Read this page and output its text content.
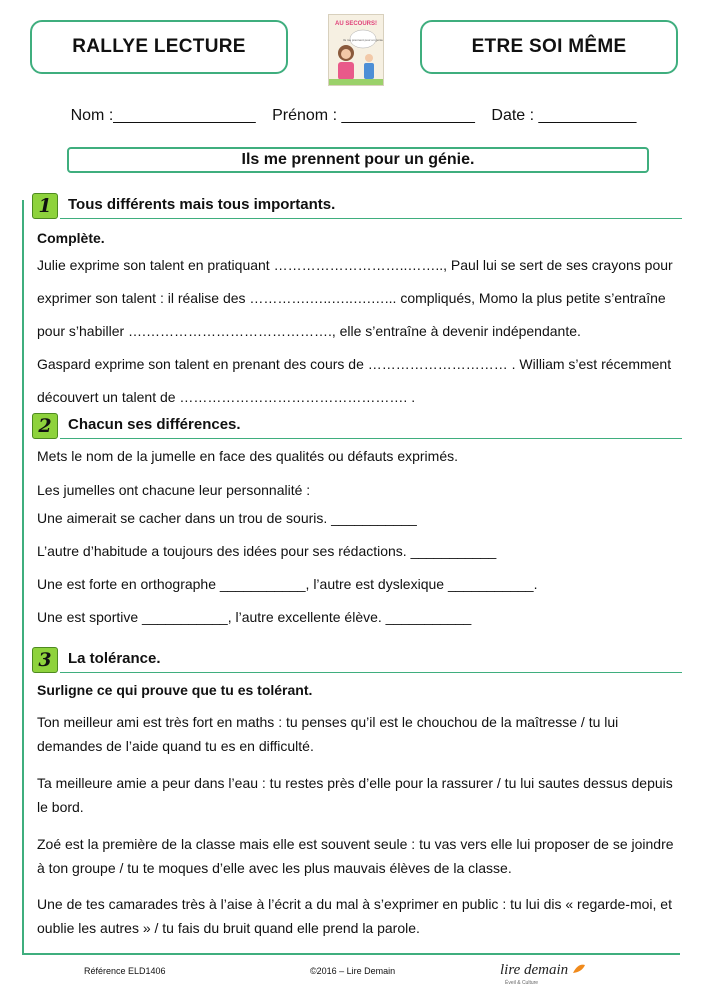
RALLYE LECTURE
AU SECOURS!
Ils me prennent pour un génie	ETRE SOI MÊME
Nom :________________ Prénom : _______________ Date : ___________
Ils me prennent pour un génie.
1	Tous différents mais tous importants.
Complète.
Julie exprime son talent en pratiquant ………………………..…….., Paul lui se sert de ses crayons pour
exprimer son talent : il réalise des ………….…..…..….…... compliqués, Momo la plus petite s’entraîne
pour s’habiller ….…………………………………., elle s’entraîne à devenir indépendante.
Gaspard exprime son talent en prenant des cours de ………………………… . William s’est récemment
découvert un talent de …………………………………………. .
2	Chacun ses différences.
Mets le nom de la jumelle en face des qualités ou défauts exprimés.
Les jumelles ont chacune leur personnalité :
Une aimerait se cacher dans un trou de souris. ___________
L’autre d’habitude a toujours des idées pour ses rédactions. ___________
Une est forte en orthographe ___________, l’autre est dyslexique ___________.
Une est sportive ___________, l’autre excellente élève. ___________
3	La tolérance.
Surligne ce qui prouve que tu es tolérant.
Ton meilleur ami est très fort en maths : tu penses qu’il est le chouchou de la maîtresse / tu lui demandes de l’aide quand tu es en difficulté.
Ta meilleure amie a peur dans l’eau : tu restes près d’elle pour la rassurer / tu lui sautes dessus depuis le bord.
Zoé est la première de la classe mais elle est souvent seule : tu vas vers elle lui proposer de se joindre à ton groupe / tu te moques d’elle avec les plus mauvais élèves de la classe.
Une de tes camarades très à l’aise à l’écrit a du mal à s’exprimer en public : tu lui dis « regarde-moi, et oublie les autres » / tu fais du bruit quand elle prend la parole.
Référence ELD1406	©2016 – Lire Demain	lire demain
Éveil & Culture
